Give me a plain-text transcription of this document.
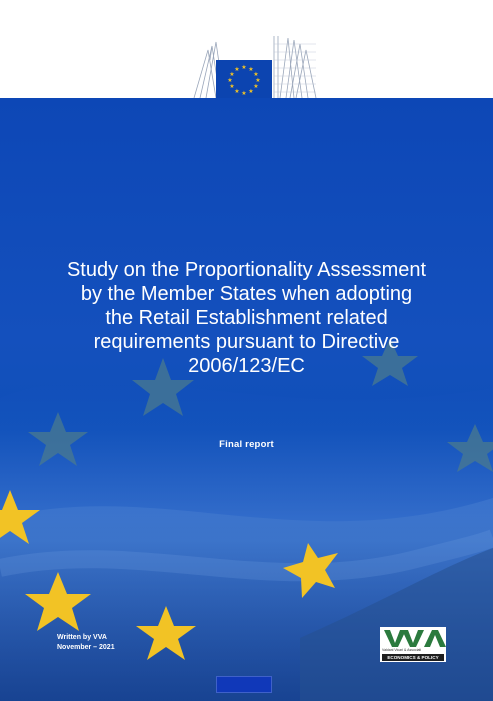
★ ★
★
★
★
★
★
★
★
★
★
★
Study on the Proportionality Assessment
by the Member States when adopting
the Retail Establishment related
requirements pursuant to Directive
2006/123/EC
Final report
Written by VVA
November – 2021	Valdani Vicari & Associati
ECONOMICS & POLICY
